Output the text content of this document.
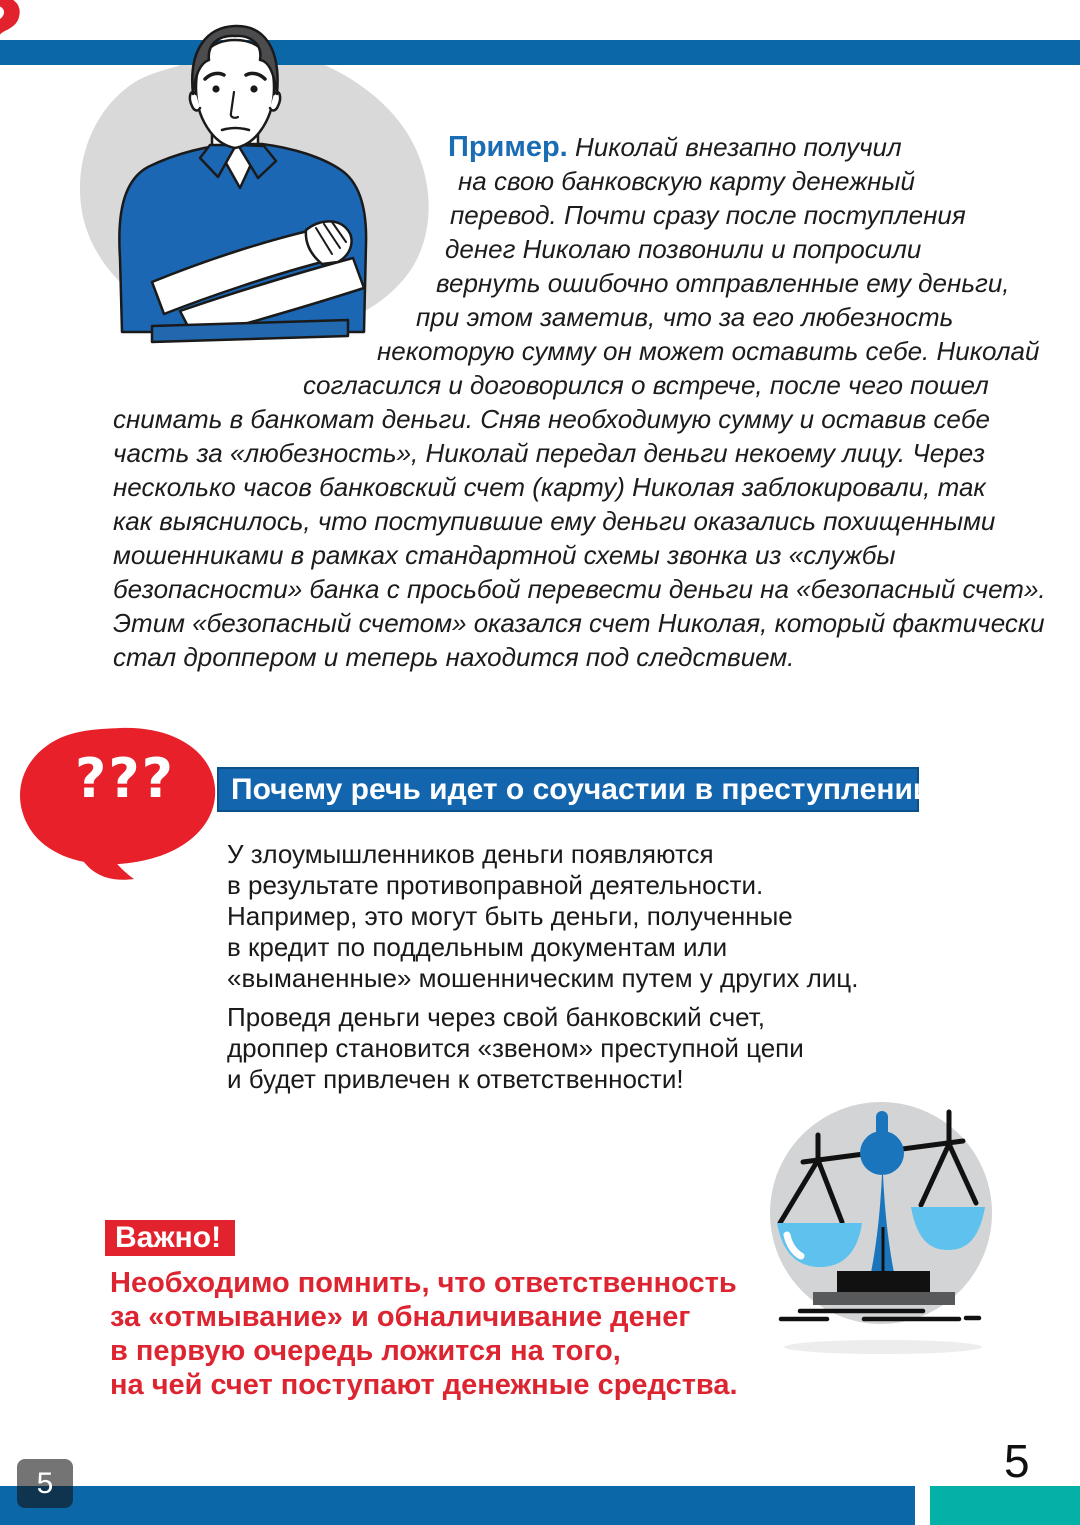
Пример. Николай внезапно получил
на свою банковскую карту денежный
перевод. Почти сразу после поступления
денег Николаю позвонили и попросили
вернуть ошибочно отправленные ему деньги,
при этом заметив, что за его любезность
некоторую сумму он может оставить себе. Николай
согласился и договорился о встрече, после чего пошел
снимать в банкомат деньги. Сняв необходимую сумму и оставив себе
часть за «любезность», Николай передал деньги некоему лицу. Через
несколько часов банковский счет (карту) Николая заблокировали, так
как выяснилось, что поступившие ему деньги оказались похищенными
мошенниками в рамках стандартной схемы звонка из «службы
безопасности» банка с просьбой перевести деньги на «безопасный счет».
Этим «безопасный счетом» оказался счет Николая, который фактически
стал дроппером и теперь находится под следствием.
???	Почему речь идет о соучастии в преступлении?
У злоумышленников деньги появляются
в результате противоправной деятельности.
Например, это могут быть деньги, полученные
в кредит по поддельным документам или
«выманенные» мошенническим путем у других лиц.
Проведя деньги через свой банковский счет,
дроппер становится «звеном» преступной цепи
и будет привлечен к ответственности!
Важно!
Необходимо помнить, что ответственность
за «отмывание» и обналичивание денег
в первую очередь ложится на того,
на чей счет поступают денежные средства.
5	5
